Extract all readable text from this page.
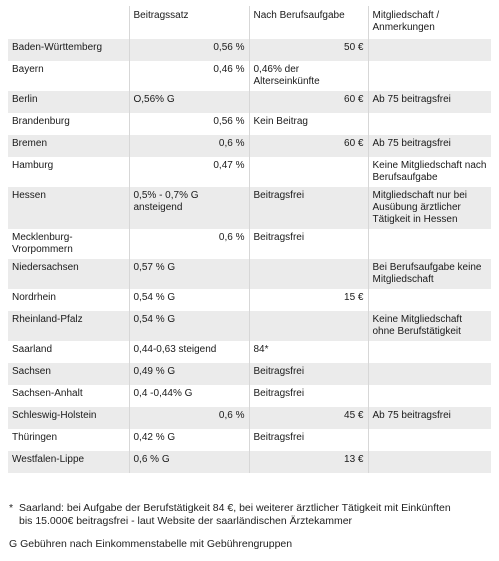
	Beitragssatz	Nach Berufsaufgabe	Mitgliedschaft / Anmerkungen
Baden-Württemberg	0,56 %	50 €	
Bayern	0,46 %	0,46% der Alterseinkünfte	
Berlin	O,56% G	60 €	Ab 75 beitragsfrei
Brandenburg	0,56 %	Kein Beitrag	
Bremen	0,6 %	60 €	Ab 75 beitragsfrei
Hamburg	0,47 %		Keine Mitgliedschaft nach Berufsaufgabe
Hessen	0,5% - 0,7% G ansteigend	Beitragsfrei	Mitgliedschaft nur bei Ausübung ärztlicher Tätigkeit in Hessen
Mecklenburg-Vrorpommern	0,6 %	Beitragsfrei	
Niedersachsen	0,57 % G		Bei Berufsaufgabe keine Mitgliedschaft
Nordrhein	0,54 % G	15 €	
Rheinland-Pfalz	0,54 % G		Keine Mitgliedschaft ohne Berufstätigkeit
Saarland	0,44-0,63 steigend	84*	
Sachsen	0,49 % G	Beitragsfrei	
Sachsen-Anhalt	0,4 -0,44% G	Beitragsfrei	
Schleswig-Holstein	0,6 %	45 €	Ab 75 beitragsfrei
Thüringen	0,42 % G	Beitragsfrei	
Westfalen-Lippe	0,6 % G	13 €	
* Saarland: bei Aufgabe der Berufstätigkeit 84 €, bei weiterer ärztlicher Tätigkeit mit Einkünften
bis 15.000€ beitragsfrei - laut Website der saarländischen Ärztekammer
G Gebühren nach Einkommenstabelle mit Gebührengruppen
